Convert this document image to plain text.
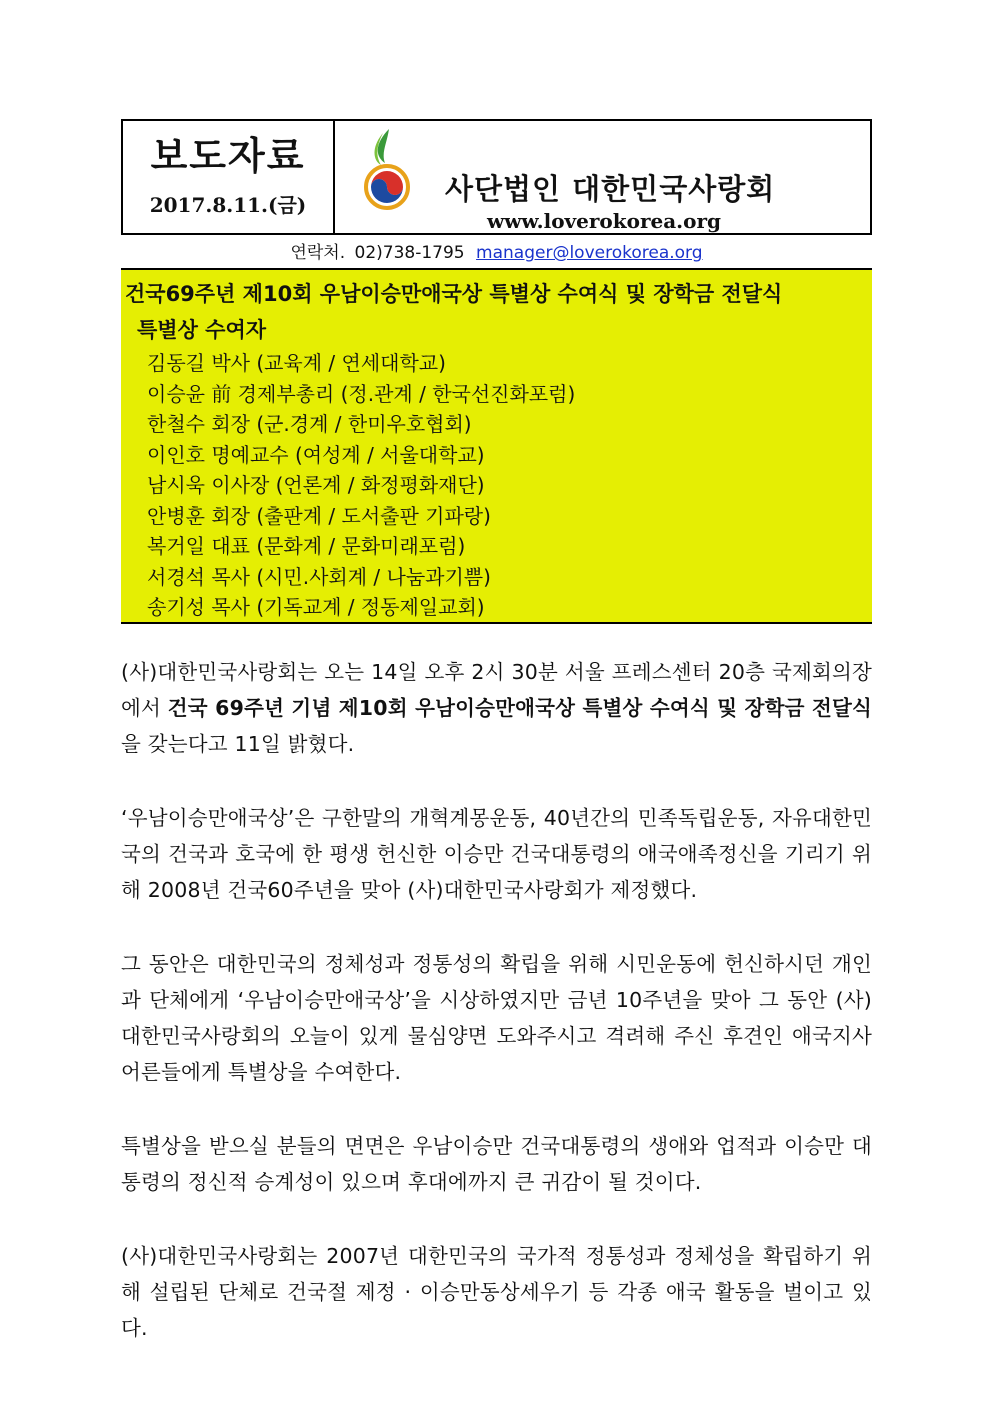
보도자료
2017.8.11.(금)	사단법인 대한민국사랑회
www.loverokorea.org
연락처. 02)738-1795 manager@loverokorea.org
건국69주년 제10회 우남이승만애국상 특별상 수여식 및 장학금 전달식
특별상 수여자
김동길 박사 (교육계 / 연세대학교)
이승윤 前 경제부총리 (정.관계 / 한국선진화포럼)
한철수 회장 (군.경계 / 한미우호협회)
이인호 명예교수 (여성계 / 서울대학교)
남시욱 이사장 (언론계 / 화정평화재단)
안병훈 회장 (출판계 / 도서출판 기파랑)
복거일 대표 (문화계 / 문화미래포럼)
서경석 목사 (시민.사회계 / 나눔과기쁨)
송기성 목사 (기독교계 / 정동제일교회)

(사)대한민국사랑회는 오는 14일 오후 2시 30분 서울 프레스센터 20층 국제회의장에서 건국 69주년 기념 제10회 우남이승만애국상 특별상 수여식 및 장학금 전달식을 갖는다고 11일 밝혔다.

‘우남이승만애국상’은 구한말의 개혁계몽운동, 40년간의 민족독립운동, 자유대한민국의 건국과 호국에 한 평생 헌신한 이승만 건국대통령의 애국애족정신을 기리기 위해 2008년 건국60주년을 맞아 (사)대한민국사랑회가 제정했다.

그 동안은 대한민국의 정체성과 정통성의 확립을 위해 시민운동에 헌신하시던 개인과 단체에게 ‘우남이승만애국상’을 시상하였지만 금년 10주년을 맞아 그 동안 (사)대한민국사랑회의 오늘이 있게 물심양면 도와주시고 격려해 주신 후견인 애국지사 어른들에게 특별상을 수여한다.

특별상을 받으실 분들의 면면은 우남이승만 건국대통령의 생애와 업적과 이승만 대통령의 정신적 승계성이 있으며 후대에까지 큰 귀감이 될 것이다.

(사)대한민국사랑회는 2007년 대한민국의 국가적 정통성과 정체성을 확립하기 위해 설립된 단체로 건국절 제정 · 이승만동상세우기 등 각종 애국 활동을 벌이고 있다.
